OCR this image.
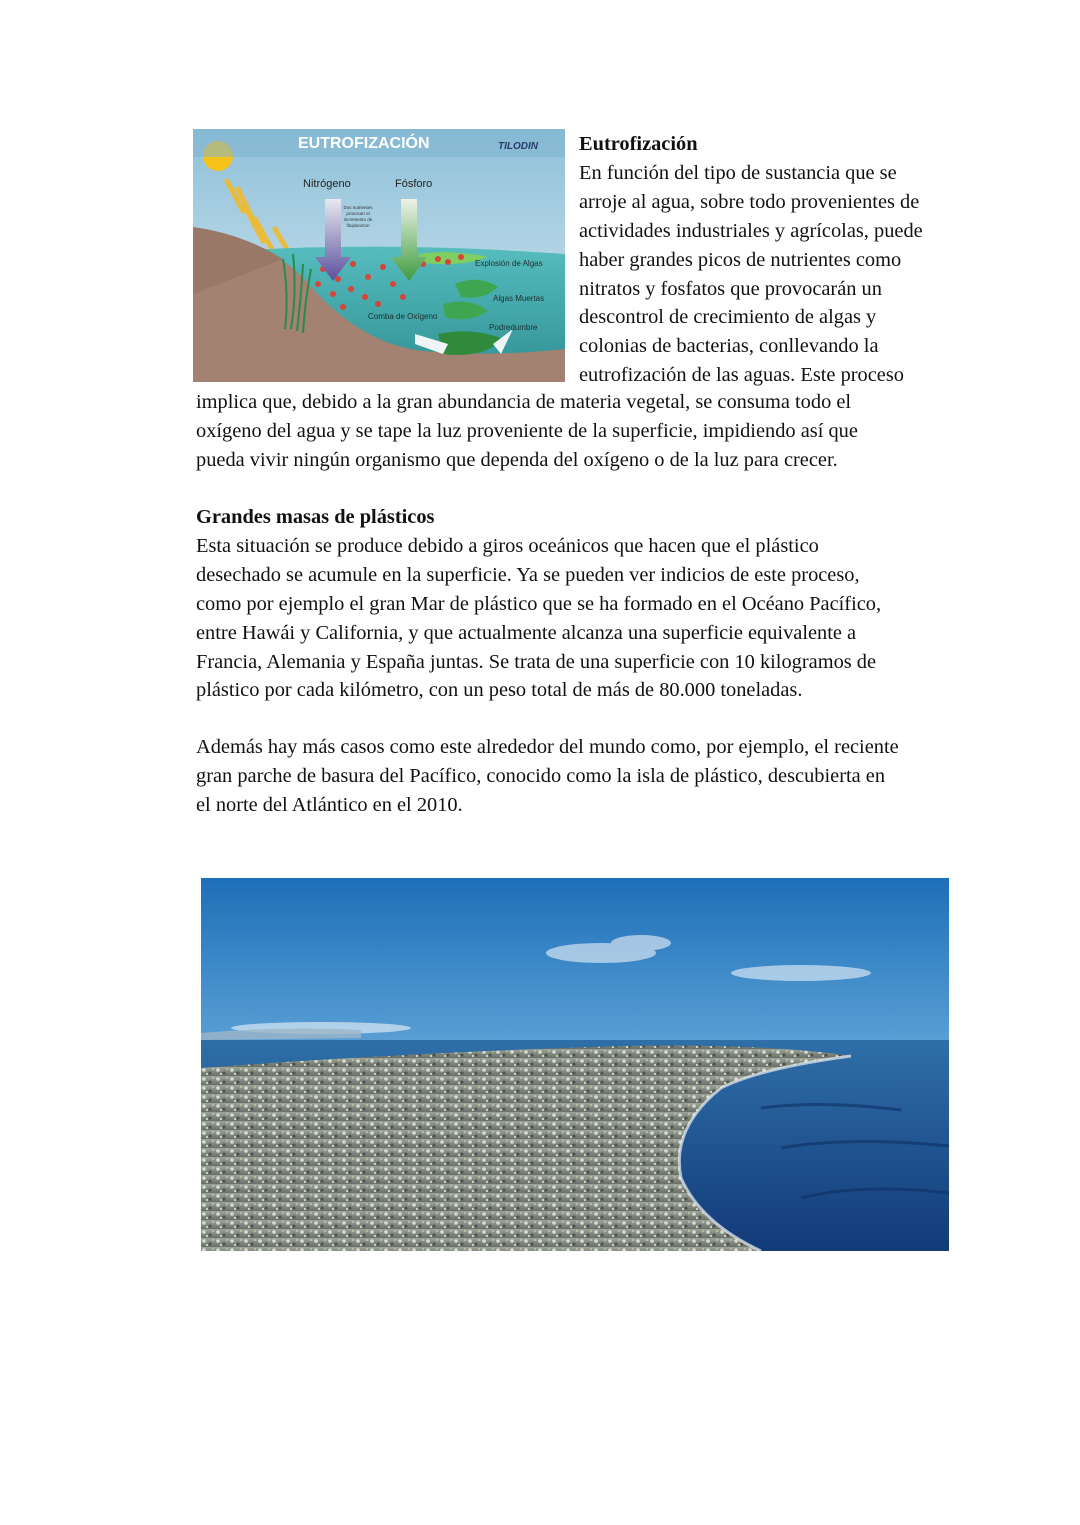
EUTROFIZACIÓN	TILODIN
Nitrógeno	Fósforo
Dos nutrientes
provocan el
incremento de
fitoplancton
Explosión de Algas
Algas Muertas
Comba de Oxígeno
Podredumbre
Eutrofización
En función del tipo de sustancia que se
arroje al agua, sobre todo provenientes de
actividades industriales y agrícolas, puede
haber grandes picos de nutrientes como
nitratos y fosfatos que provocarán un
descontrol de crecimiento de algas y
colonias de bacterias, conllevando la
eutrofización de las aguas. Este proceso
implica que, debido a la gran abundancia de materia vegetal, se consuma todo el
oxígeno del agua y se tape la luz proveniente de la superficie, impidiendo así que
pueda vivir ningún organismo que dependa del oxígeno o de la luz para crecer.
Grandes masas de plásticos
Esta situación se produce debido a giros oceánicos que hacen que el plástico
desechado se acumule en la superficie. Ya se pueden ver indicios de este proceso,
como por ejemplo el gran Mar de plástico que se ha formado en el Océano Pacífico,
entre Hawái y California, y que actualmente alcanza una superficie equivalente a
Francia, Alemania y España juntas. Se trata de una superficie con 10 kilogramos de
plástico por cada kilómetro, con un peso total de más de 80.000 toneladas.
Además hay más casos como este alrededor del mundo como, por ejemplo, el reciente
gran parche de basura del Pacífico, conocido como la isla de plástico, descubierta en
el norte del Atlántico en el 2010.
